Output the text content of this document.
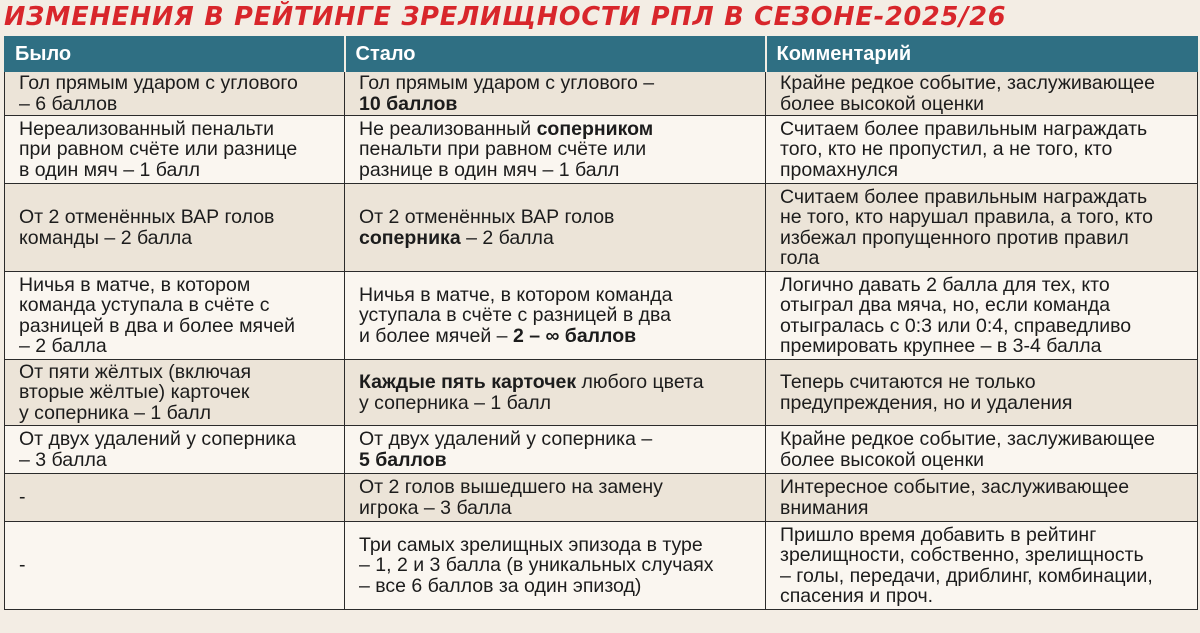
ИЗМЕНЕНИЯ В РЕЙТИНГЕ ЗРЕЛИЩНОСТИ РПЛ В СЕЗОНЕ-2025/26
Было	Стало	Комментарий

Гол прямым ударом с углового
– 6 баллов	Гол прямым ударом с углового –
10 баллов	Крайне редкое событие, заслуживающее
более высокой оценки

Нереализованный пенальти
при равном счёте или разнице
в один мяч – 1 балл	Не реализованный соперником
пенальти при равном счёте или
разнице в один мяч – 1 балл	Считаем более правильным награждать
того, кто не пропустил, а не того, кто
промахнулся

От 2 отменённых ВАР голов
команды – 2 балла	От 2 отменённых ВАР голов
соперника – 2 балла	Считаем более правильным награждать
не того, кто нарушал правила, а того, кто
избежал пропущенного против правил
гола

Ничья в матче, в котором
команда уступала в счёте с
разницей в два и более мячей
– 2 балла	Ничья в матче, в котором команда
уступала в счёте с разницей в два
и более мячей – 2 – ∞ баллов	Логично давать 2 балла для тех, кто
отыграл два мяча, но, если команда
отыгралась с 0:3 или 0:4, справедливо
премировать крупнее – в 3-4 балла

От пяти жёлтых (включая
вторые жёлтые) карточек
у соперника – 1 балл	Каждые пять карточек любого цвета
у соперника – 1 балл	Теперь считаются не только
предупреждения, но и удаления

От двух удалений у соперника
– 3 балла	От двух удалений у соперника –
5 баллов	Крайне редкое событие, заслуживающее
более высокой оценки

-	От 2 голов вышедшего на замену
игрока – 3 балла	Интересное событие, заслуживающее
внимания

-	Три самых зрелищных эпизода в туре
– 1, 2 и 3 балла (в уникальных случаях
– все 6 баллов за один эпизод)	Пришло время добавить в рейтинг
зрелищности, собственно, зрелищность
– голы, передачи, дриблинг, комбинации,
спасения и проч.
